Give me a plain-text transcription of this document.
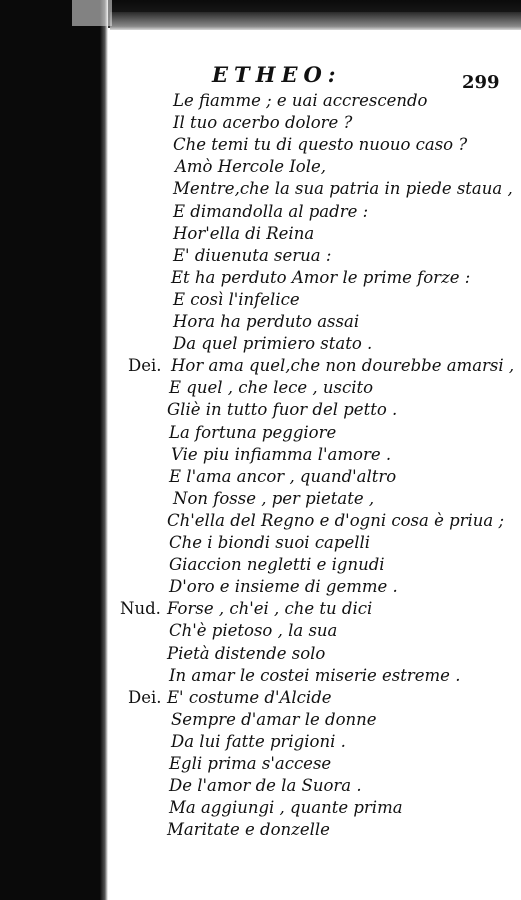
ETHEO:	299
Le fiamme ; e uai accrescendo
Il tuo acerbo dolore ?
Che temi tu di questo nuouo caso ?
Amò Hercole Iole,
Mentre,che la sua patria in piede staua ,
E dimandolla al padre :
Hor'ella di Reina
E' diuenuta serua :
Et ha perduto Amor le prime forze :
E così l'infelice
Hora ha perduto assai
Da quel primiero stato .
Dei. Hor ama quel,che non dourebbe amarsi ,
E quel , che lece , uscito
Gliè in tutto fuor del petto .
La fortuna peggiore
Vie piu infiamma l'amore .
E l'ama ancor , quand'altro
Non fosse , per pietate ,
Ch'ella del Regno e d'ogni cosa è priua ;
Che i biondi suoi capelli
Giaccion negletti e ignudi
D'oro e insieme di gemme .
Nud. Forse , ch'ei , che tu dici
Ch'è pietoso , la sua
Pietà distende solo
In amar le costei miserie estreme .
Dei. E' costume d'Alcide
Sempre d'amar le donne
Da lui fatte prigioni .
Egli prima s'accese
De l'amor de la Suora .
Ma aggiungi , quante prima
Maritate e donzelle
